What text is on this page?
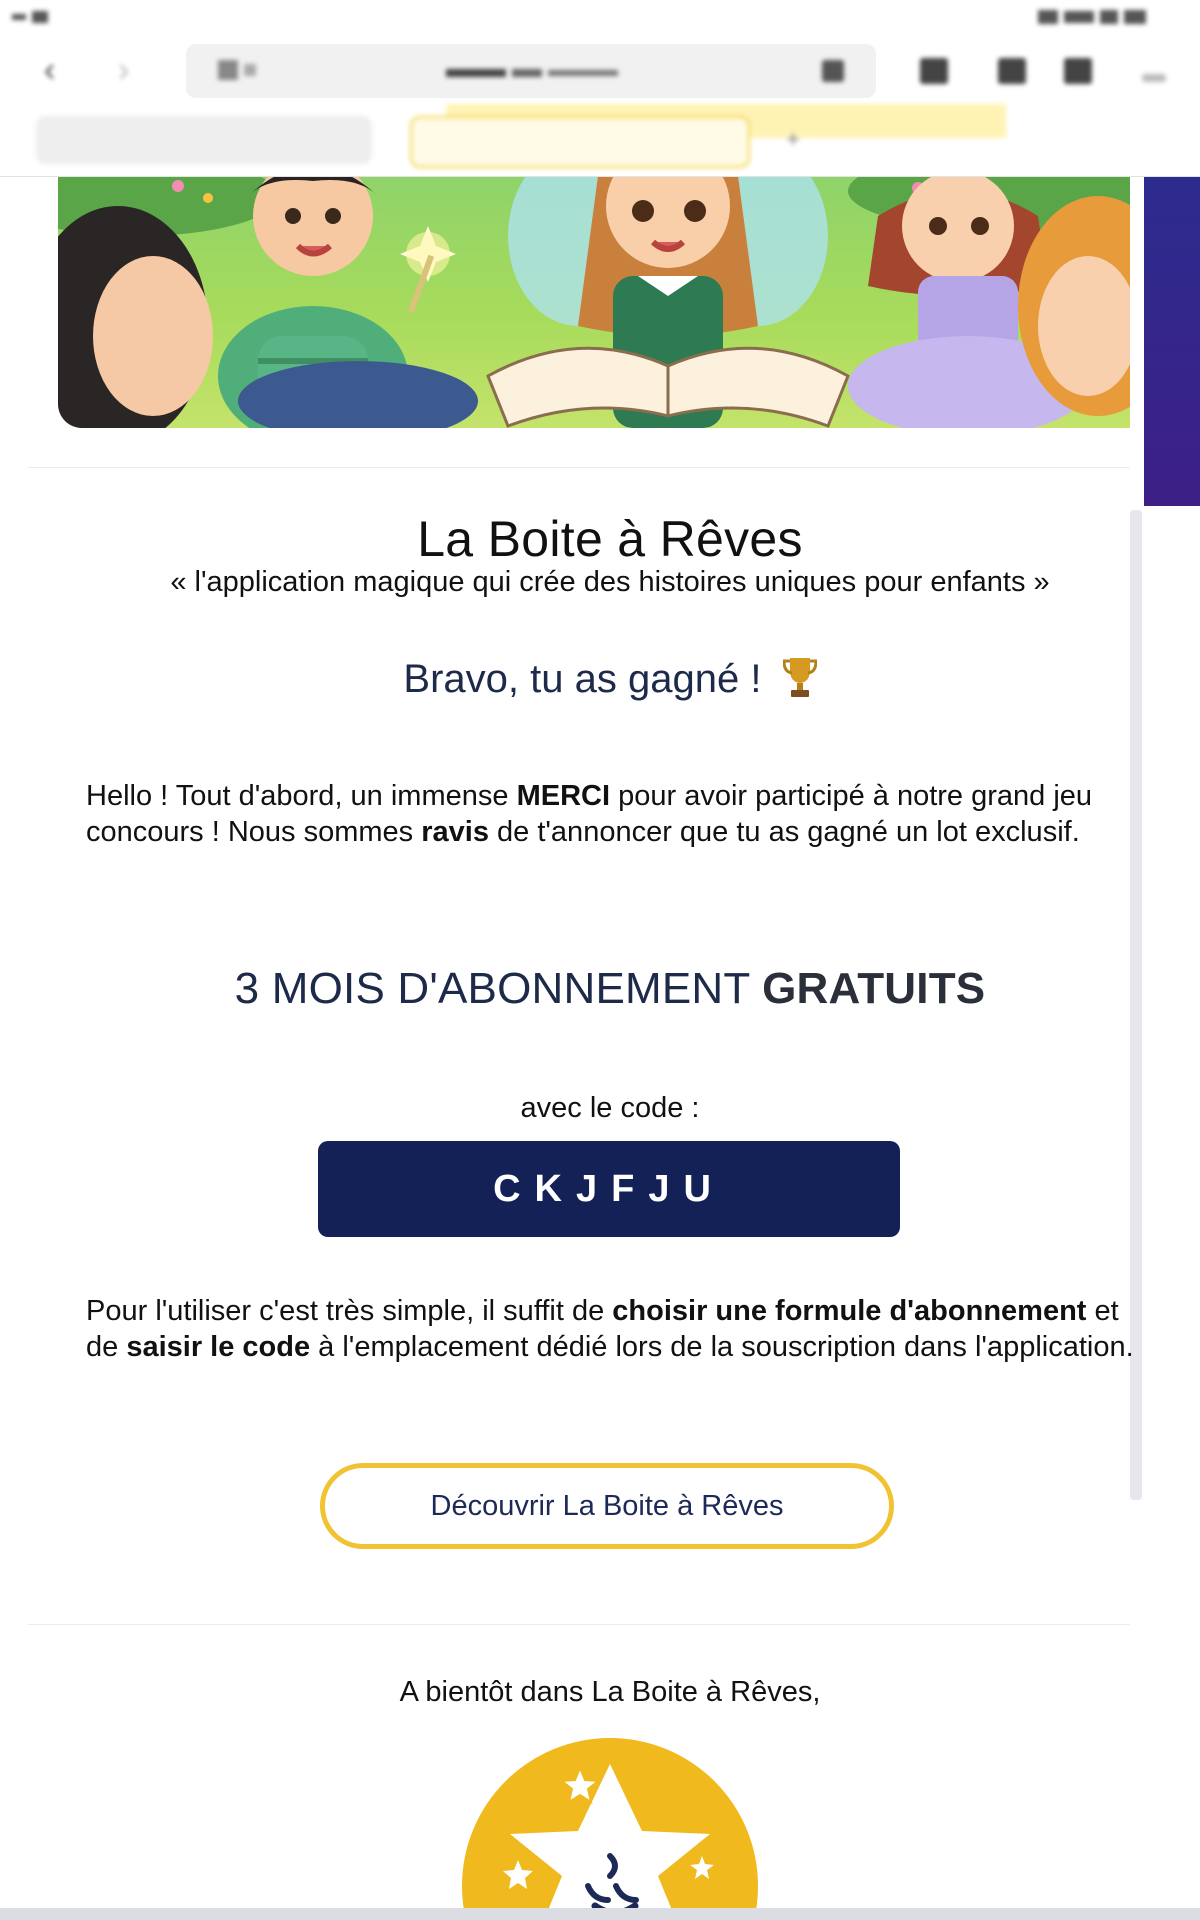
‹	›
+
La Boite à Rêves
« l'application magique qui crée des histoires uniques pour enfants »
Bravo, tu as gagné !
Hello ! Tout d'abord, un immense MERCI pour avoir participé à notre grand jeu concours ! Nous sommes ravis de t'annoncer que tu as gagné un lot exclusif.
3 MOIS D'ABONNEMENT GRATUITS
avec le code :
CKJFJU
Pour l'utiliser c'est très simple, il suffit de choisir une formule d'abonnement et de saisir le code à l'emplacement dédié lors de la souscription dans l'application.
Découvrir La Boite à Rêves
A bientôt dans La Boite à Rêves,
